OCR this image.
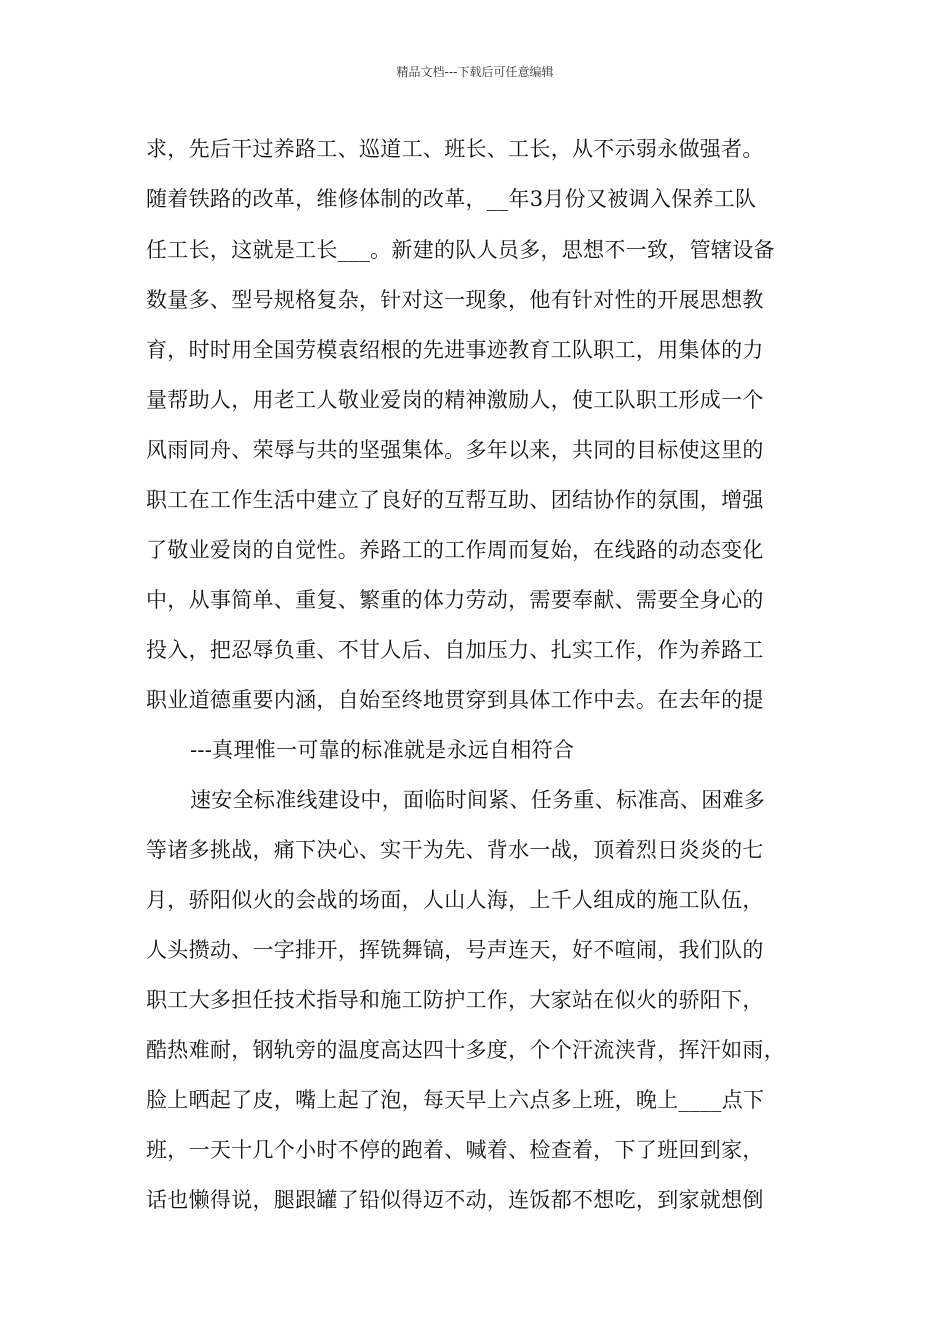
精品文档---下载后可任意编辑
求，先后干过养路工、巡道工、班长、工长，从不示弱永做强者。
随着铁路的改革，维修体制的改革，__年3月份又被调入保养工队
任工长，这就是工长___。新建的队人员多，思想不一致，管辖设备
数量多、型号规格复杂，针对这一现象，他有针对性的开展思想教
育，时时用全国劳模袁绍根的先进事迹教育工队职工，用集体的力
量帮助人，用老工人敬业爱岗的精神激励人，使工队职工形成一个
风雨同舟、荣辱与共的坚强集体。多年以来，共同的目标使这里的
职工在工作生活中建立了良好的互帮互助、团结协作的氛围，增强
了敬业爱岗的自觉性。养路工的工作周而复始，在线路的动态变化
中，从事简单、重复、繁重的体力劳动，需要奉献、需要全身心的
投入，把忍辱负重、不甘人后、自加压力、扎实工作，作为养路工
职业道德重要内涵，自始至终地贯穿到具体工作中去。在去年的提
---真理惟一可靠的标准就是永远自相符合
速安全标准线建设中，面临时间紧、任务重、标准高、困难多
等诸多挑战，痛下决心、实干为先、背水一战，顶着烈日炎炎的七
月，骄阳似火的会战的场面，人山人海，上千人组成的施工队伍，
人头攒动、一字排开，挥铣舞镐，号声连天，好不喧闹，我们队的
职工大多担任技术指导和施工防护工作，大家站在似火的骄阳下，
酷热难耐，钢轨旁的温度高达四十多度，个个汗流浃背，挥汗如雨，
脸上晒起了皮，嘴上起了泡，每天早上六点多上班，晚上____点下
班，一天十几个小时不停的跑着、喊着、检查着，下了班回到家，
话也懒得说，腿跟罐了铅似得迈不动，连饭都不想吃，到家就想倒
